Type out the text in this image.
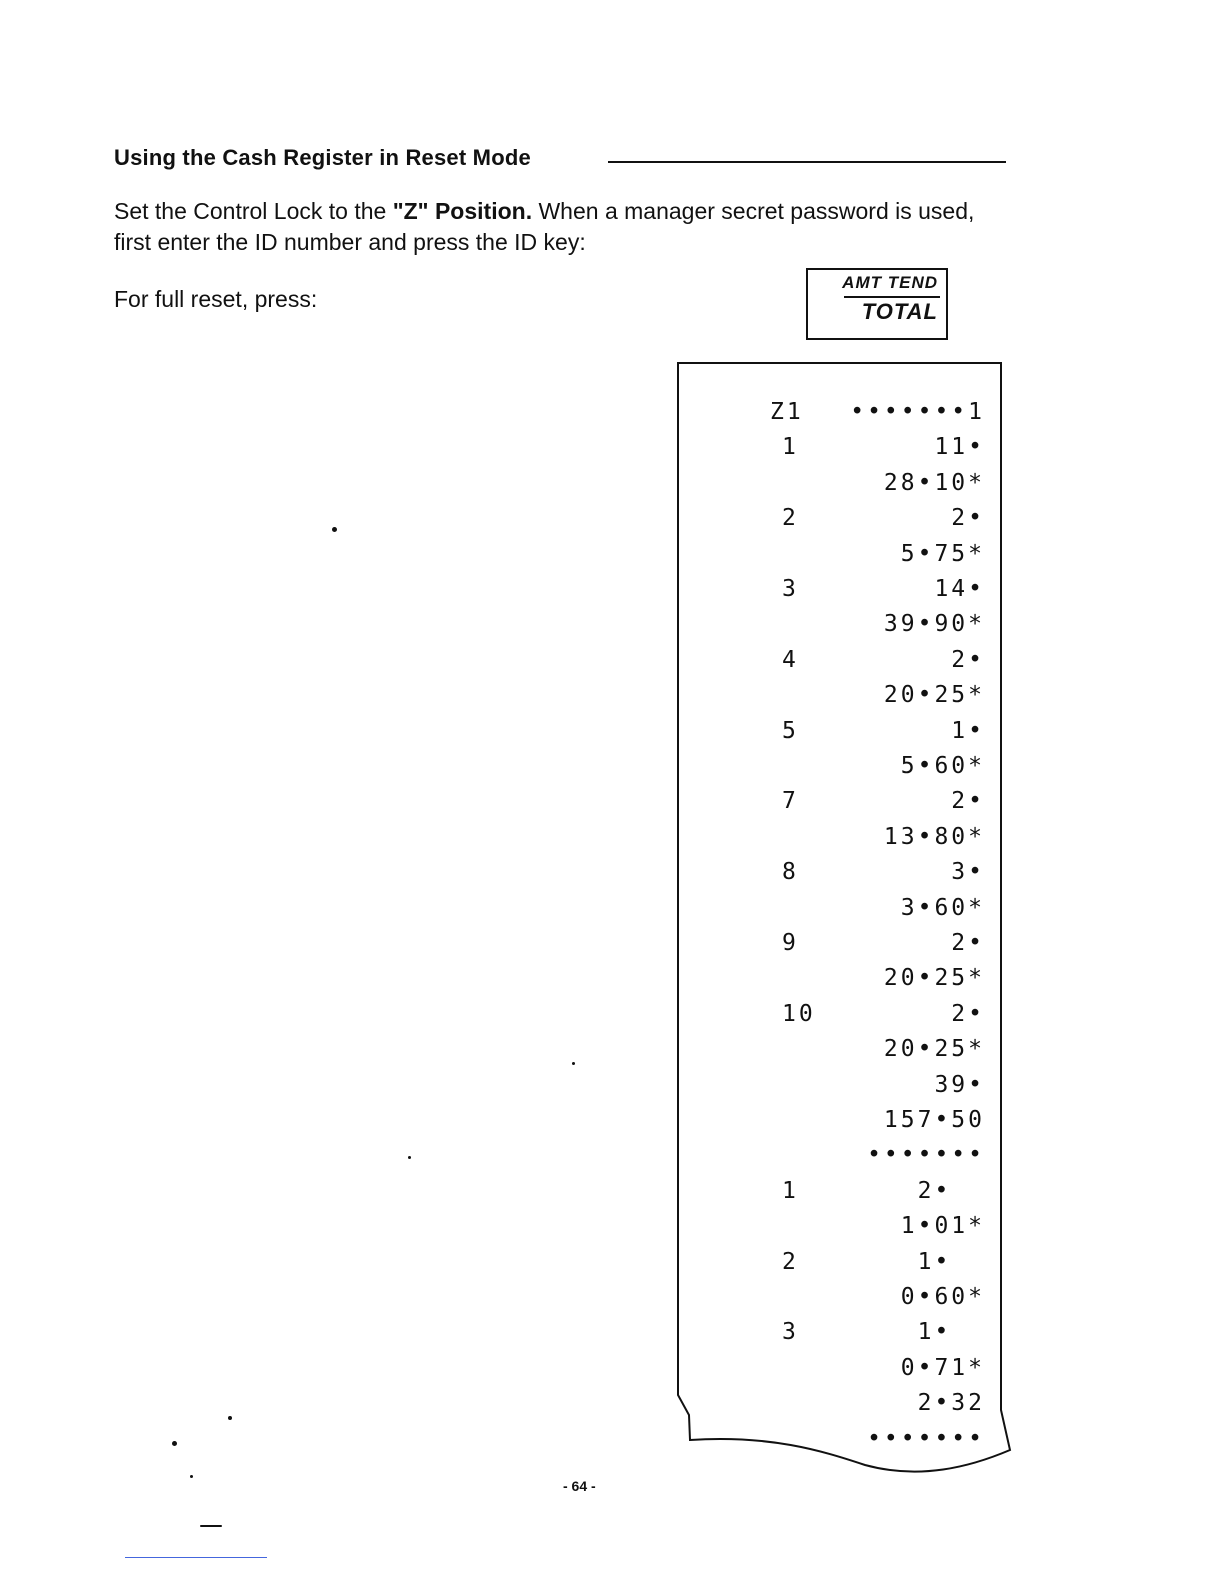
Using the Cash Register in Reset Mode
Set the Control Lock to the "Z" Position. When a manager secret password is used, first enter the ID number and press the ID key:
For full reset, press:
AMT TEND
TOTAL
Z1 •••••••1
1	11•
28•10*
2	2•
5•75*
3	14•
39•90*
4	2•
20•25*
5	1•
5•60*
7	2•
13•80*
8	3•
3•60*
9	2•
20•25*
10	2•
20•25*
39•
157•50
•••••••
1	2•
1•01*
2	1•
0•60*
3	1•
0•71*
2•32
•••••••
- 64 -
